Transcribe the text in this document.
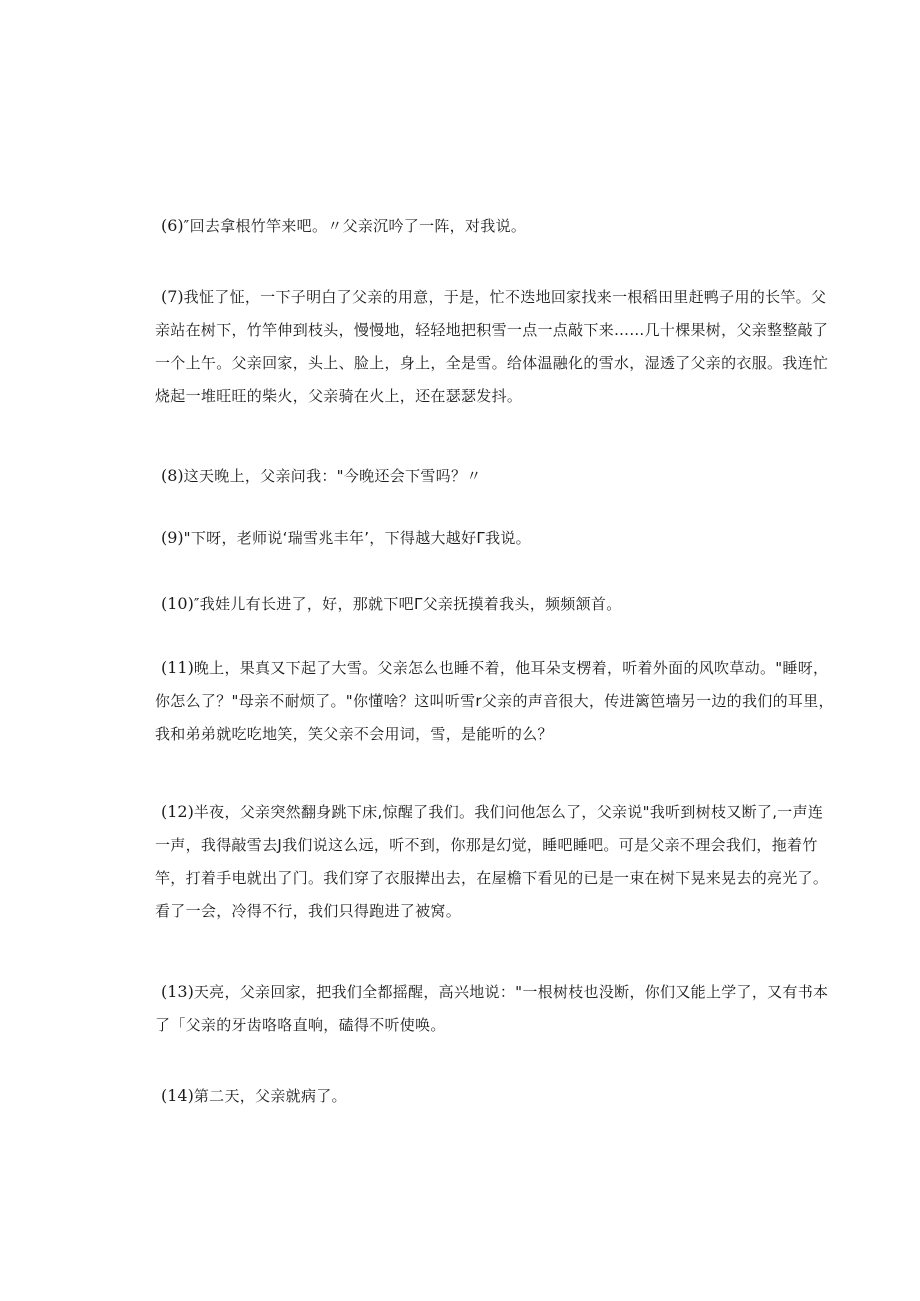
(6)″回去拿根竹竿来吧。〃父亲沉吟了一阵，对我说。

(7)我怔了怔，一下子明白了父亲的用意，于是，忙不迭地回家找来一根稻田里赶鸭子用的长竿。父亲站在树下，竹竿伸到枝头，慢慢地，轻轻地把积雪一点一点敲下来……几十棵果树，父亲整整敲了一个上午。父亲回家，头上、脸上，身上，全是雪。给体温融化的雪水，湿透了父亲的衣服。我连忙烧起一堆旺旺的柴火，父亲骑在火上，还在瑟瑟发抖。

(8)这天晚上，父亲问我："今晚还会下雪吗？〃

(9)"下呀，老师说‘瑞雪兆丰年’，下得越大越好Γ我说。

(10)″我娃儿有长进了，好，那就下吧Γ父亲抚摸着我头，频频颔首。

(11)晚上，果真又下起了大雪。父亲怎么也睡不着，他耳朵支楞着，听着外面的风吹草动。"睡呀，你怎么了？"母亲不耐烦了。"你懂啥？这叫听雪r父亲的声音很大，传进篱笆墙另一边的我们的耳里，我和弟弟就吃吃地笑，笑父亲不会用词，雪，是能听的么？

(12)半夜，父亲突然翻身跳下床,惊醒了我们。我们问他怎么了，父亲说"我听到树枝又断了,一声连一声，我得敲雪去J我们说这么远，听不到，你那是幻觉，睡吧睡吧。可是父亲不理会我们，拖着竹竿，打着手电就出了门。我们穿了衣服撵出去，在屋檐下看见的已是一束在树下晃来晃去的亮光了。看了一会，冷得不行，我们只得跑进了被窝。

(13)天亮，父亲回家，把我们全都摇醒，高兴地说："一根树枝也没断，你们又能上学了，又有书本了「父亲的牙齿咯咯直响，磕得不听使唤。

(14)第二天，父亲就病了。
